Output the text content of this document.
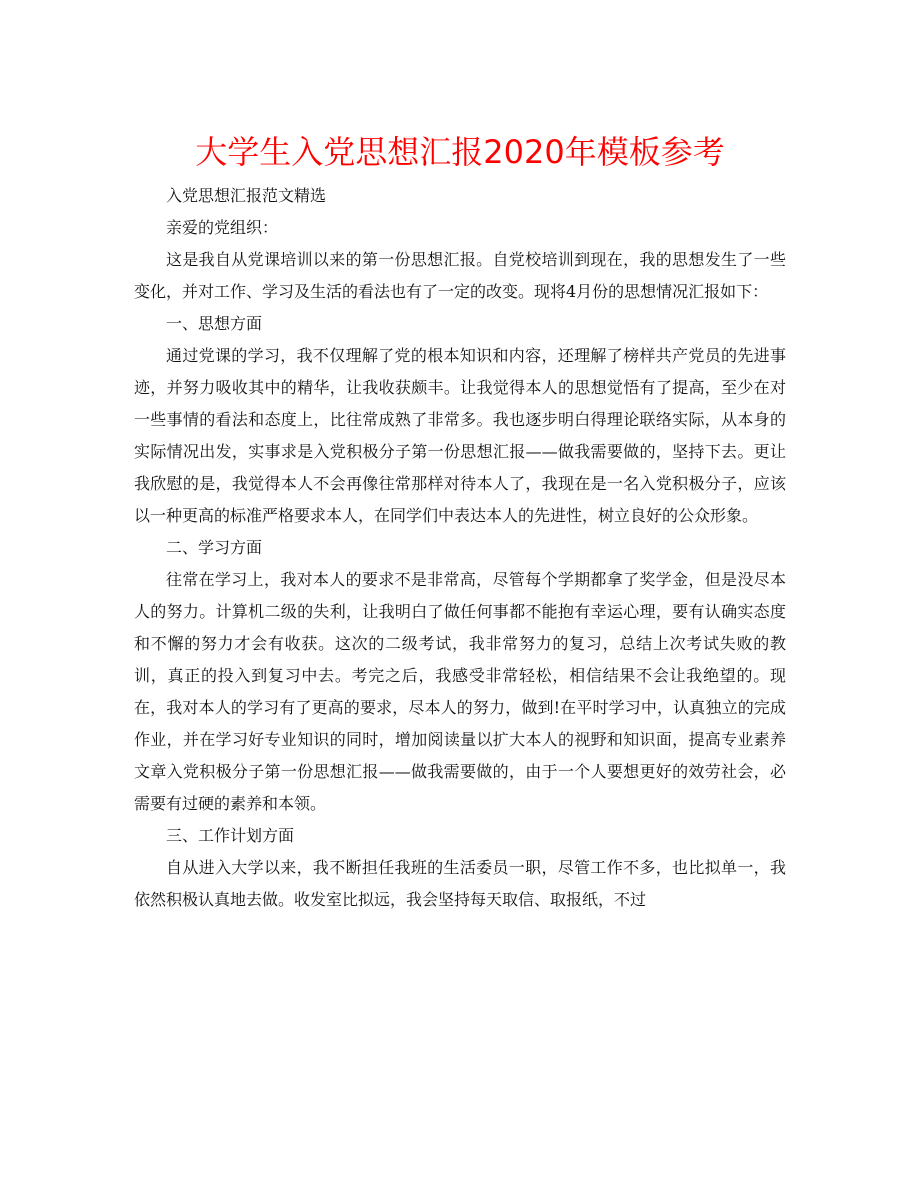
大学生入党思想汇报2020年模板参考

入党思想汇报范文精选

亲爱的党组织：

这是我自从党课培训以来的第一份思想汇报。自党校培训到现在，我的思想发生了一些变化，并对工作、学习及生活的看法也有了一定的改变。现将4月份的思想情况汇报如下：

一、思想方面

通过党课的学习，我不仅理解了党的根本知识和内容，还理解了榜样共产党员的先进事迹，并努力吸收其中的精华，让我收获颇丰。让我觉得本人的思想觉悟有了提高，至少在对一些事情的看法和态度上，比往常成熟了非常多。我也逐步明白得理论联络实际，从本身的实际情况出发，实事求是入党积极分子第一份思想汇报——做我需要做的，坚持下去。更让我欣慰的是，我觉得本人不会再像往常那样对待本人了，我现在是一名入党积极分子，应该以一种更高的标准严格要求本人，在同学们中表达本人的先进性，树立良好的公众形象。

二、学习方面

往常在学习上，我对本人的要求不是非常高，尽管每个学期都拿了奖学金，但是没尽本人的努力。计算机二级的失利，让我明白了做任何事都不能抱有幸运心理，要有认确实态度和不懈的努力才会有收获。这次的二级考试，我非常努力的复习，总结上次考试失败的教训，真正的投入到复习中去。考完之后，我感受非常轻松，相信结果不会让我绝望的。现在，我对本人的学习有了更高的要求，尽本人的努力，做到!在平时学习中，认真独立的完成作业，并在学习好专业知识的同时，增加阅读量以扩大本人的视野和知识面，提高专业素养文章入党积极分子第一份思想汇报——做我需要做的，由于一个人要想更好的效劳社会，必需要有过硬的素养和本领。

三、工作计划方面

自从进入大学以来，我不断担任我班的生活委员一职，尽管工作不多，也比拟单一，我依然积极认真地去做。收发室比拟远，我会坚持每天取信、取报纸，不过
